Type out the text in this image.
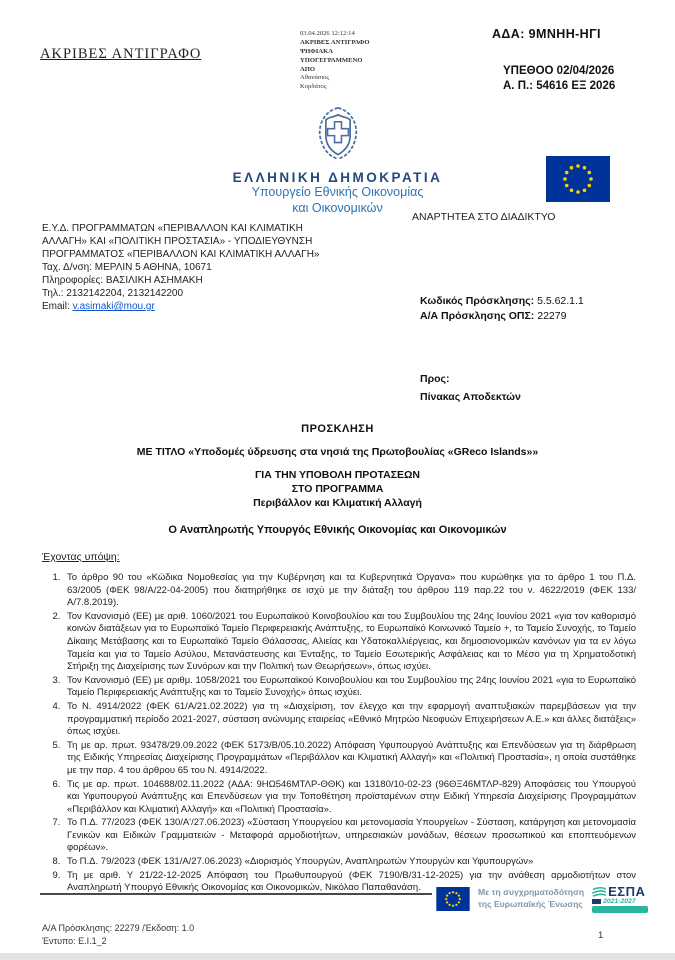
ΑΚΡΙΒΕΣ ΑΝΤΙΓΡΑΦΟ
03.04.2026 12:12:14
ΑΚΡΙΒΕΣ ΑΝΤΙΓΡΑΦΟ
ΨΗΦΙΑΚΑ
ΥΠΟΓΕΓΡΑΜΜΕΝΟ
ΑΠΟ
Αθανάσιος
Κορδάτος
ΑΔΑ: 9ΜΝΗΗ-ΗΓΙ
ΥΠΕΘΟΟ 02/04/2026
Α. Π.: 54616 ΕΞ 2026
ΕΛΛΗΝΙΚΗ ΔΗΜΟΚΡΑΤΙΑ
Υπουργείο Εθνικής Οικονομίας
και Οικονομικών
ΑΝΑΡΤΗΤΕΑ ΣΤΟ ΔΙΑΔΙΚΤΥΟ
Ε.Υ.Δ. ΠΡΟΓΡΑΜΜΑΤΩΝ «ΠΕΡΙΒΑΛΛΟΝ ΚΑΙ ΚΛΙΜΑΤΙΚΗ
ΑΛΛΑΓΗ» ΚΑΙ «ΠΟΛΙΤΙΚΗ ΠΡΟΣΤΑΣΙΑ» - ΥΠΟΔΙΕΥΘΥΝΣΗ
ΠΡΟΓΡΑΜΜΑΤΟΣ «ΠΕΡΙΒΑΛΛΟΝ ΚΑΙ ΚΛΙΜΑΤΙΚΗ ΑΛΛΑΓΗ»
Ταχ. Δ/νση: ΜΕΡΛΙΝ 5 ΑΘΗΝΑ, 10671
Πληροφορίες: ΒΑΣΙΛΙΚΗ ΑΣΗΜΑΚΗ
Τηλ.: 2132142204, 2132142200
Email: v.asimaki@mou.gr	Κωδικός Πρόσκλησης: 5.5.62.1.1
Α/Α Πρόσκλησης ΟΠΣ: 22279
Προς:
Πίνακας Αποδεκτών
ΠΡΟΣΚΛΗΣΗ
ΜΕ ΤΙΤΛΟ «Υποδομές ύδρευσης στα νησιά της Πρωτοβουλίας «GReco Islands»»
ΓΙΑ ΤΗΝ ΥΠΟΒΟΛΗ ΠΡΟΤΑΣΕΩΝ
ΣΤΟ ΠΡΟΓΡΑΜΜΑ
Περιβάλλον και Κλιματική Αλλαγή
Ο Αναπληρωτής Υπουργός Εθνικής Οικονομίας και Οικονομικών
Έχοντας υπόψη:
1. Το άρθρο 90 του «Κώδικα Νομοθεσίας για την Κυβέρνηση και τα Κυβερνητικά Όργανα» που κυρώθηκε για το άρθρο 1 του Π.Δ. 63/2005 (ΦΕΚ 98/Α/22-04-2005) που διατηρήθηκε σε ισχύ με την διάταξη του άρθρου 119 παρ.22 του ν. 4622/2019 (ΦΕΚ 133/Α/7.8.2019).
2. Τον Κανονισμό (ΕΕ) με αριθ. 1060/2021 του Ευρωπαϊκού Κοινοβουλίου και του Συμβουλίου της 24ης Ιουνίου 2021 «για τον καθορισμό κοινών διατάξεων για το Ευρωπαϊκό Ταμείο Περιφερειακής Ανάπτυξης, το Ευρωπαϊκό Κοινωνικό Ταμείο +, το Ταμείο Συνοχής, το Ταμείο Δίκαιης Μετάβασης και το Ευρωπαϊκό Ταμείο Θάλασσας, Αλιείας και Υδατοκαλλιέργειας, και δημοσιονομικών κανόνων για τα εν λόγω Ταμεία και για το Ταμείο Ασύλου, Μετανάστευσης και Ένταξης, το Ταμείο Εσωτερικής Ασφάλειας και το Μέσο για τη Χρηματοδοτική Στήριξη της Διαχείρισης των Συνόρων και την Πολιτική των Θεωρήσεων», όπως ισχύει.
3. Τον Κανονισμό (ΕΕ) με αριθμ. 1058/2021 του Ευρωπαϊκού Κοινοβουλίου και του Συμβουλίου της 24ης Ιουνίου 2021 «για το Ευρωπαϊκό Ταμείο Περιφερειακής Ανάπτυξης και το Ταμείο Συνοχής» όπως ισχύει.
4. Το Ν. 4914/2022 (ΦΕΚ 61/Α/21.02.2022) για τη «Διαχείριση, τον έλεγχο και την εφαρμογή αναπτυξιακών παρεμβάσεων για την προγραμματική περίοδο 2021-2027, σύσταση ανώνυμης εταιρείας «Εθνικό Μητρώο Νεοφυών Επιχειρήσεων Α.Ε.» και άλλες διατάξεις» όπως ισχύει.
5. Τη με αρ. πρωτ. 93478/29.09.2022 (ΦΕΚ 5173/Β/05.10.2022) Απόφαση Υφυπουργού Ανάπτυξης και Επενδύσεων για τη διάρθρωση της Ειδικής Υπηρεσίας Διαχείρισης Προγραμμάτων «Περιβάλλον και Κλιματική Αλλαγή» και «Πολιτική Προστασία», η οποία συστάθηκε με την παρ. 4 του άρθρου 65 του Ν. 4914/2022.
6. Τις με αρ. πρωτ. 104688/02.11.2022 (ΑΔΑ: 9ΗΩ546ΜΤΛΡ-ΘΘΚ) και 13180/10-02-23 (96ΘΞ46ΜΤΛΡ-829) Αποφάσεις του Υπουργού και Υφυπουργού Ανάπτυξης και Επενδύσεων για την Τοποθέτηση προϊσταμένων στην Ειδική Υπηρεσία Διαχείρισης Προγραμμάτων «Περιβάλλον και Κλιματική Αλλαγή» και «Πολιτική Προστασία».
7. Το Π.Δ. 77/2023 (ΦΕΚ 130/Α'/27.06.2023) «Σύσταση Υπουργείου και μετονομασία Υπουργείων - Σύσταση, κατάργηση και μετονομασία Γενικών και Ειδικών Γραμματειών - Μεταφορά αρμοδιοτήτων, υπηρεσιακών μονάδων, θέσεων προσωπικού και εποπτευόμενων φορέων».
8. Το Π.Δ. 79/2023 (ΦΕΚ 131/Α/27.06.2023) «Διορισμός Υπουργών, Αναπληρωτών Υπουργών και Υφυπουργών»
9. Τη με αριθ. Υ 21/22-12-2025 Απόφαση του Πρωθυπουργού (ΦΕΚ 7190/Β/31-12-2025) για την ανάθεση αρμοδιοτήτων στον Αναπληρωτή Υπουργό Εθνικής Οικονομίας και Οικονομικών, Νικόλαο Παπαθανάση.	Με τη συγχρηματοδότηση
της Ευρωπαϊκής Ένωσης
ΕΣΠΑ
2021-2027
Α/Α Πρόσκλησης: 22279 /Έκδοση: 1.0
Έντυπο: Ε.Ι.1_2	1
